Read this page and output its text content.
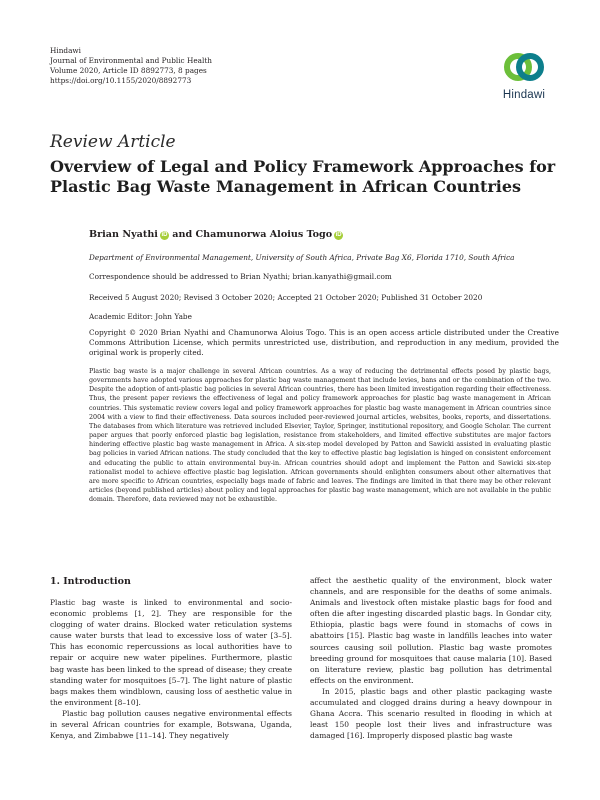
Hindawi
Journal of Environmental and Public Health
Volume 2020, Article ID 8892773, 8 pages
https://doi.org/10.1155/2020/8892773
Hindawi
Review Article
Overview of Legal and Policy Framework Approaches for Plastic Bag Waste Management in African Countries
Brian Nyathi iD and Chamunorwa Aloius Togo iD
Department of Environmental Management, University of South Africa, Private Bag X6, Florida 1710, South Africa
Correspondence should be addressed to Brian Nyathi; brian.kanyathi@gmail.com
Received 5 August 2020; Revised 3 October 2020; Accepted 21 October 2020; Published 31 October 2020
Academic Editor: John Yabe
Copyright © 2020 Brian Nyathi and Chamunorwa Aloius Togo. This is an open access article distributed under the Creative Commons Attribution License, which permits unrestricted use, distribution, and reproduction in any medium, provided the original work is properly cited.
Plastic bag waste is a major challenge in several African countries. As a way of reducing the detrimental effects posed by plastic bags, governments have adopted various approaches for plastic bag waste management that include levies, bans and or the combination of the two. Despite the adoption of anti-plastic bag policies in several African countries, there has been limited investigation regarding their effectiveness. Thus, the present paper reviews the effectiveness of legal and policy framework approaches for plastic bag waste management in African countries. This systematic review covers legal and policy framework approaches for plastic bag waste management in African countries since 2004 with a view to find their effectiveness. Data sources included peer-reviewed journal articles, websites, books, reports, and dissertations. The databases from which literature was retrieved included Elsevier, Taylor, Springer, institutional repository, and Google Scholar. The current paper argues that poorly enforced plastic bag legislation, resistance from stakeholders, and limited effective substitutes are major factors hindering effective plastic bag waste management in Africa. A six-step model developed by Patton and Sawicki assisted in evaluating plastic bag policies in varied African nations. The study concluded that the key to effective plastic bag legislation is hinged on consistent enforcement and educating the public to attain environmental buy-in. African countries should adopt and implement the Patton and Sawicki six-step rationalist model to achieve effective plastic bag legislation. African governments should enlighten consumers about other alternatives that are more specific to African countries, especially bags made of fabric and leaves. The findings are limited in that there may be other relevant articles (beyond published articles) about policy and legal approaches for plastic bag waste management, which are not available in the public domain. Therefore, data reviewed may not be exhaustible.
1. Introduction

Plastic bag waste is linked to environmental and socio-economic problems [1, 2]. They are responsible for the clogging of water drains. Blocked water reticulation systems cause water bursts that lead to excessive loss of water [3–5]. This has economic repercussions as local authorities have to repair or acquire new water pipelines. Furthermore, plastic bag waste has been linked to the spread of disease; they create standing water for mosquitoes [5–7]. The light nature of plastic bags makes them windblown, causing loss of aesthetic value in the environment [8–10].

Plastic bag pollution causes negative environmental effects in several African countries for example, Botswana, Uganda, Kenya, and Zimbabwe [11–14]. They negatively

affect the aesthetic quality of the environment, block water channels, and are responsible for the deaths of some animals. Animals and livestock often mistake plastic bags for food and often die after ingesting discarded plastic bags. In Gondar city, Ethiopia, plastic bags were found in stomachs of cows in abattoirs [15]. Plastic bag waste in landfills leaches into water sources causing soil pollution. Plastic bag waste promotes breeding ground for mosquitoes that cause malaria [10]. Based on literature review, plastic bag pollution has detrimental effects on the environment.

In 2015, plastic bags and other plastic packaging waste accumulated and clogged drains during a heavy downpour in Ghana Accra. This scenario resulted in flooding in which at least 150 people lost their lives and infrastructure was damaged [16]. Improperly disposed plastic bag waste
